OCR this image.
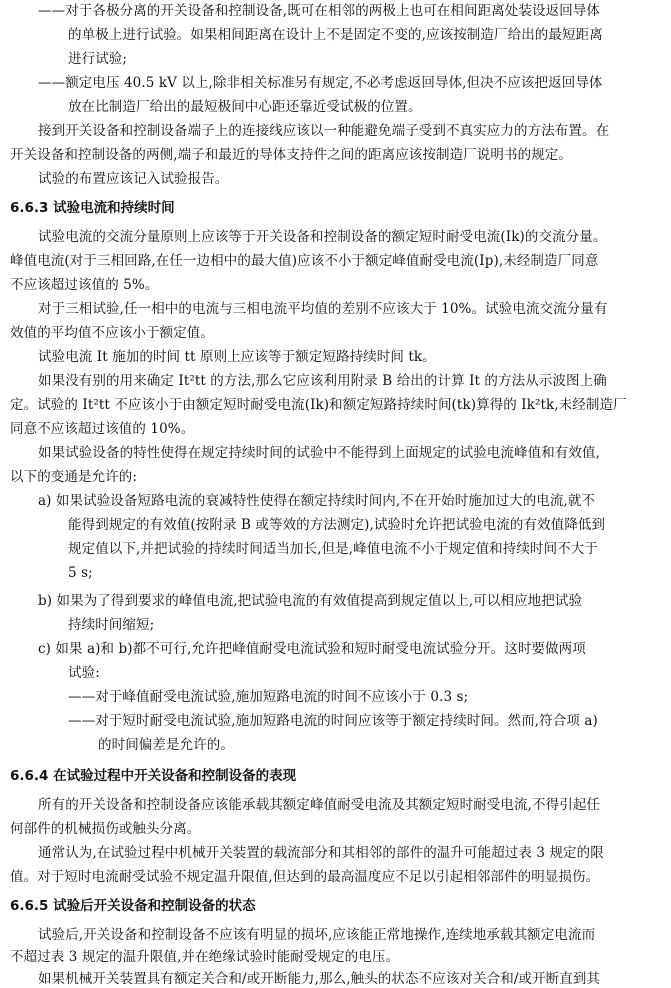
——对于各极分离的开关设备和控制设备,既可在相邻的两极上也可在相间距离处装设返回导体
的单极上进行试验。如果相间距离在设计上不是固定不变的,应该按制造厂给出的最短距离
进行试验;
——额定电压 40.5 kV 以上,除非相关标准另有规定,不必考虑返回导体,但决不应该把返回导体
放在比制造厂给出的最短极间中心距还靠近受试极的位置。
接到开关设备和控制设备端子上的连接线应该以一种能避免端子受到不真实应力的方法布置。在
开关设备和控制设备的两侧,端子和最近的导体支持件之间的距离应该按制造厂说明书的规定。
试验的布置应该记入试验报告。
6.6.3 试验电流和持续时间
试验电流的交流分量原则上应该等于开关设备和控制设备的额定短时耐受电流(Ik)的交流分量。
峰值电流(对于三相回路,在任一边相中的最大值)应该不小于额定峰值耐受电流(Ip),未经制造厂同意
不应该超过该值的 5%。
对于三相试验,任一相中的电流与三相电流平均值的差别不应该大于 10%。试验电流交流分量有
效值的平均值不应该小于额定值。
试验电流 It 施加的时间 tt 原则上应该等于额定短路持续时间 tk。
如果没有别的用来确定 It²tt 的方法,那么它应该利用附录 B 给出的计算 It 的方法从示波图上确
定。试验的 It²tt 不应该小于由额定短时耐受电流(Ik)和额定短路持续时间(tk)算得的 Ik²tk,未经制造厂
同意不应该超过该值的 10%。
如果试验设备的特性使得在规定持续时间的试验中不能得到上面规定的试验电流峰值和有效值,
以下的变通是允许的:
a) 如果试验设备短路电流的衰减特性使得在额定持续时间内,不在开始时施加过大的电流,就不
能得到规定的有效值(按附录 B 或等效的方法测定),试验时允许把试验电流的有效值降低到
规定值以下,并把试验的持续时间适当加长,但是,峰值电流不小于规定值和持续时间不大于
5 s;
b) 如果为了得到要求的峰值电流,把试验电流的有效值提高到规定值以上,可以相应地把试验
持续时间缩短;
c) 如果 a)和 b)都不可行,允许把峰值耐受电流试验和短时耐受电流试验分开。这时要做两项
试验:
——对于峰值耐受电流试验,施加短路电流的时间不应该小于 0.3 s;
——对于短时耐受电流试验,施加短路电流的时间应该等于额定持续时间。然而,符合项 a)
的时间偏差是允许的。
6.6.4 在试验过程中开关设备和控制设备的表现
所有的开关设备和控制设备应该能承载其额定峰值耐受电流及其额定短时耐受电流,不得引起任
何部件的机械损伤或触头分离。
通常认为,在试验过程中机械开关装置的载流部分和其相邻的部件的温升可能超过表 3 规定的限
值。对于短时电流耐受试验不规定温升限值,但达到的最高温度应不足以引起相邻部件的明显损伤。
6.6.5 试验后开关设备和控制设备的状态
试验后,开关设备和控制设备不应该有明显的损坏,应该能正常地操作,连续地承载其额定电流而
不超过表 3 规定的温升限值,并在绝缘试验时能耐受规定的电压。
如果机械开关装置具有额定关合和/或开断能力,那么,触头的状态不应该对关合和/或开断直到其
